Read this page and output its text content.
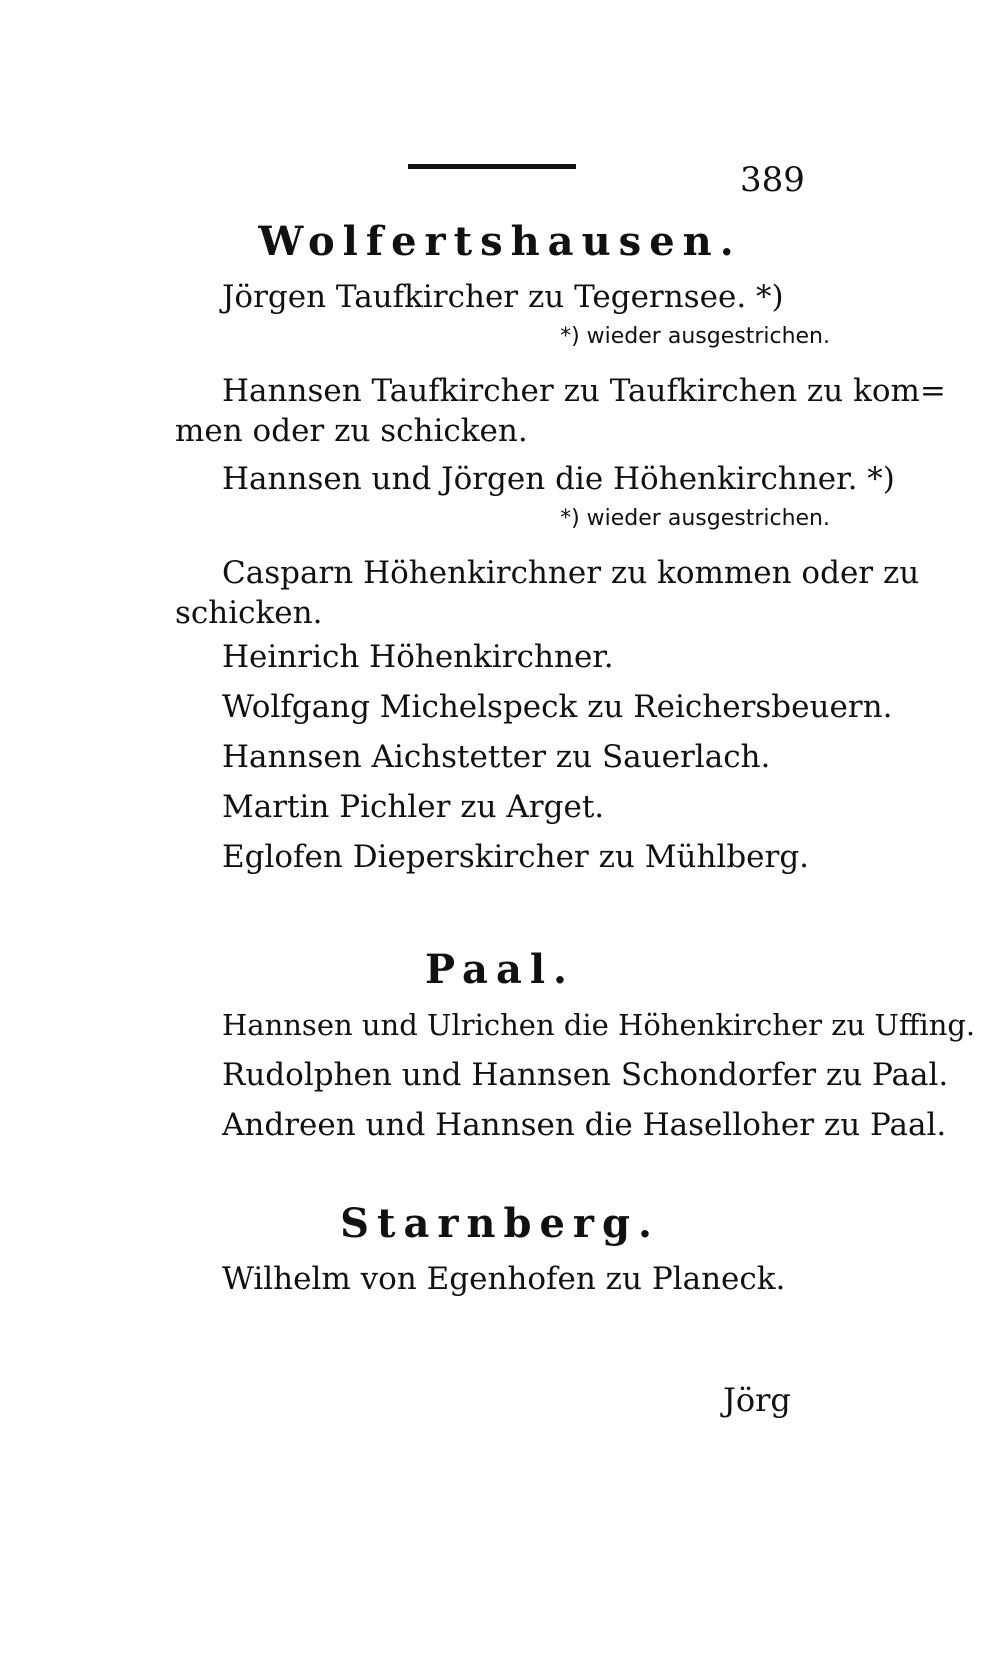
389
Wolfertshausen.
Jörgen Taufkircher zu Tegernsee. *)
*) wieder ausgestrichen.
Hannsen Taufkircher zu Taufkirchen zu kom=
men oder zu schicken.
Hannsen und Jörgen die Höhenkirchner. *)
*) wieder ausgestrichen.
Casparn Höhenkirchner zu kommen oder zu
schicken.
Heinrich Höhenkirchner.
Wolfgang Michelspeck zu Reichersbeuern.
Hannsen Aichstetter zu Sauerlach.
Martin Pichler zu Arget.
Eglofen Dieperskircher zu Mühlberg.
Paal.
Hannsen und Ulrichen die Höhenkircher zu Uffing.
Rudolphen und Hannsen Schondorfer zu Paal.
Andreen und Hannsen die Haselloher zu Paal.
Starnberg.
Wilhelm von Egenhofen zu Planeck.
Jörg
